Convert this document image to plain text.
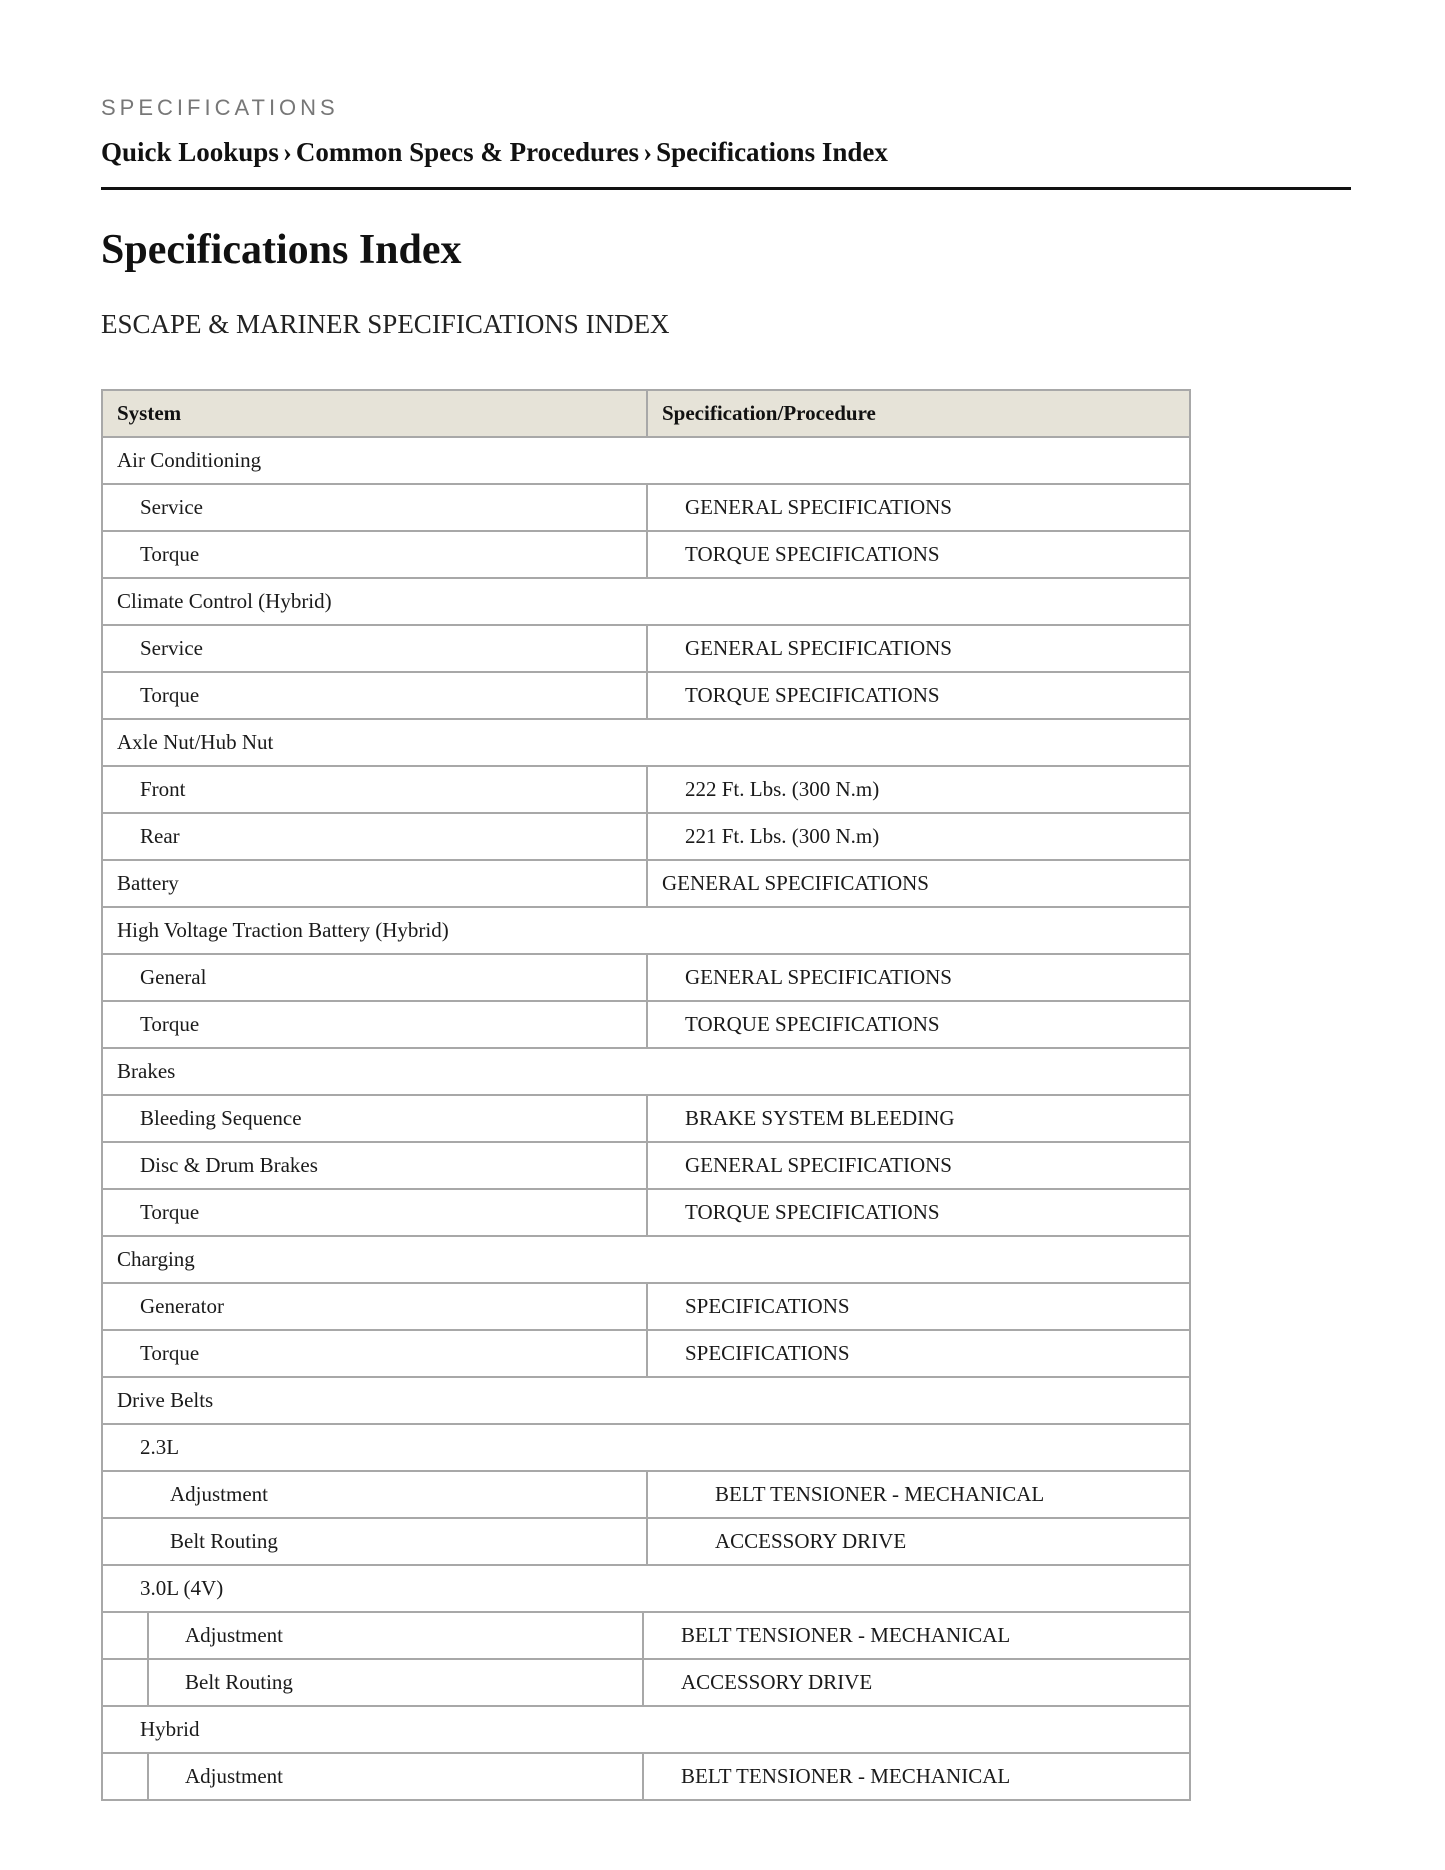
SPECIFICATIONS
Quick Lookups › Common Specs & Procedures › Specifications Index
Specifications Index
ESCAPE & MARINER SPECIFICATIONS INDEX
System	Specification/Procedure
Air Conditioning
Service	GENERAL SPECIFICATIONS
Torque	TORQUE SPECIFICATIONS
Climate Control (Hybrid)
Service	GENERAL SPECIFICATIONS
Torque	TORQUE SPECIFICATIONS
Axle Nut/Hub Nut
Front	222 Ft. Lbs. (300 N.m)
Rear	221 Ft. Lbs. (300 N.m)
Battery	GENERAL SPECIFICATIONS
High Voltage Traction Battery (Hybrid)
General	GENERAL SPECIFICATIONS
Torque	TORQUE SPECIFICATIONS
Brakes
Bleeding Sequence	BRAKE SYSTEM BLEEDING
Disc & Drum Brakes	GENERAL SPECIFICATIONS
Torque	TORQUE SPECIFICATIONS
Charging
Generator	SPECIFICATIONS
Torque	SPECIFICATIONS
Drive Belts
2.3L
Adjustment	BELT TENSIONER - MECHANICAL
Belt Routing	ACCESSORY DRIVE
3.0L (4V)

	Adjustment	BELT TENSIONER - MECHANICAL

	Belt Routing	ACCESSORY DRIVE

Hybrid

	Adjustment	BELT TENSIONER - MECHANICAL
